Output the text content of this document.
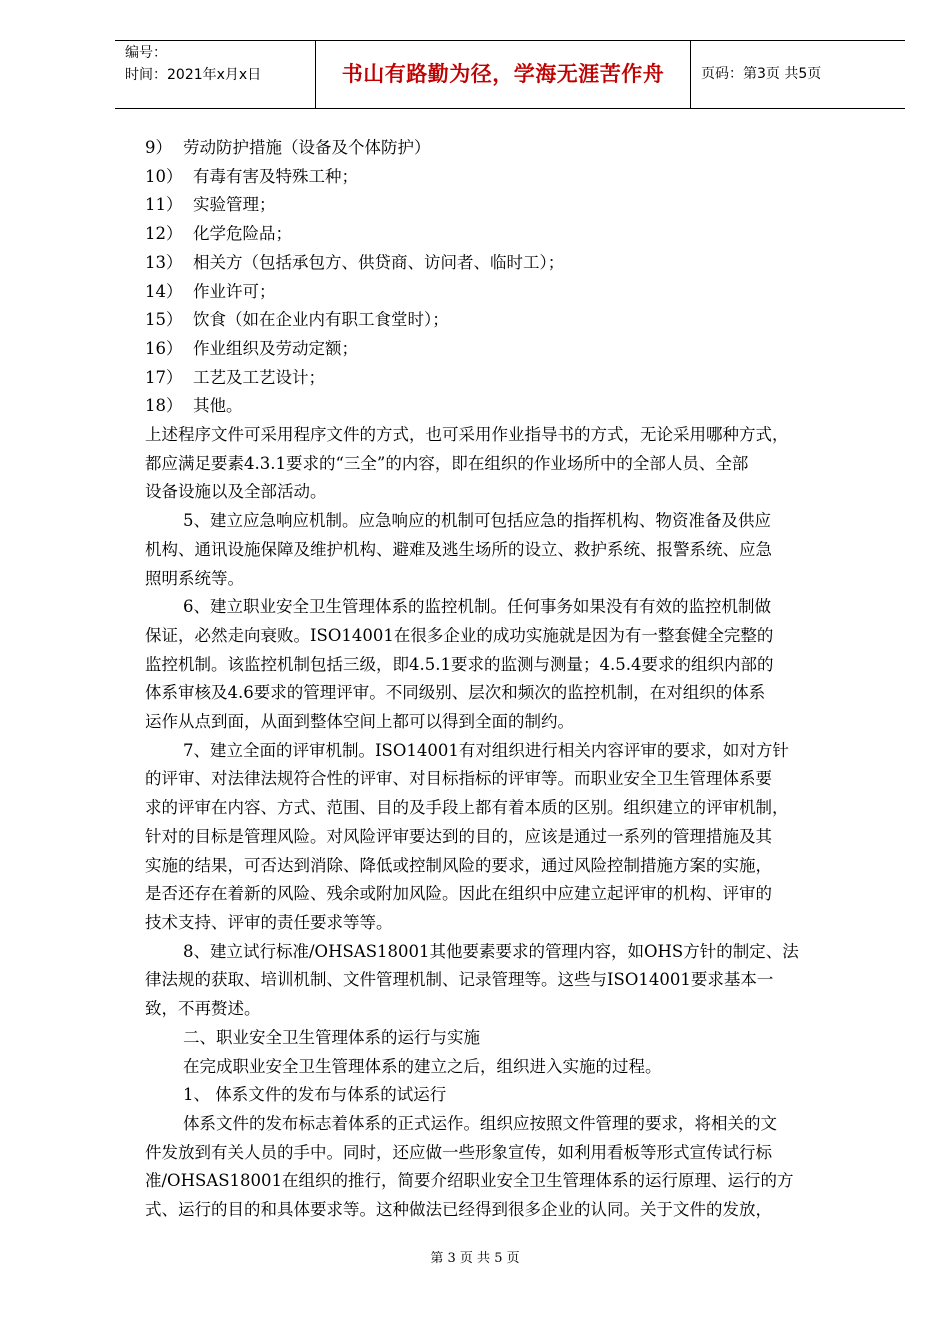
编号：
时间：2021年x月x日	书山有路勤为径，学海无涯苦作舟	页码：第3页 共5页

9） 劳动防护措施（设备及个体防护）

10） 有毒有害及特殊工种；

11） 实验管理；

12） 化学危险品；

13） 相关方（包括承包方、供贷商、访问者、临时工）；

14） 作业许可；

15） 饮食（如在企业内有职工食堂时）；

16） 作业组织及劳动定额；

17） 工艺及工艺设计；

18） 其他。

上述程序文件可采用程序文件的方式，也可采用作业指导书的方式，无论采用哪种方式，

都应满足要素4.3.1要求的“三全”的内容，即在组织的作业场所中的全部人员、全部

设备设施以及全部活动。

5、建立应急响应机制。应急响应的机制可包括应急的指挥机构、物资准备及供应

机构、通讯设施保障及维护机构、避难及逃生场所的设立、救护系统、报警系统、应急

照明系统等。

6、建立职业安全卫生管理体系的监控机制。任何事务如果没有有效的监控机制做

保证，必然走向衰败。ISO14001在很多企业的成功实施就是因为有一整套健全完整的

监控机制。该监控机制包括三级，即4.5.1要求的监测与测量；4.5.4要求的组织内部的

体系审核及4.6要求的管理评审。不同级别、层次和频次的监控机制，在对组织的体系

运作从点到面，从面到整体空间上都可以得到全面的制约。

7、建立全面的评审机制。ISO14001有对组织进行相关内容评审的要求，如对方针

的评审、对法律法规符合性的评审、对目标指标的评审等。而职业安全卫生管理体系要

求的评审在内容、方式、范围、目的及手段上都有着本质的区别。组织建立的评审机制，

针对的目标是管理风险。对风险评审要达到的目的，应该是通过一系列的管理措施及其

实施的结果，可否达到消除、降低或控制风险的要求，通过风险控制措施方案的实施，

是否还存在着新的风险、残余或附加风险。因此在组织中应建立起评审的机构、评审的

技术支持、评审的责任要求等等。

8、建立试行标准/OHSAS18001其他要素要求的管理内容，如OHS方针的制定、法

律法规的获取、培训机制、文件管理机制、记录管理等。这些与ISO14001要求基本一

致，不再赘述。

二、职业安全卫生管理体系的运行与实施

在完成职业安全卫生管理体系的建立之后，组织进入实施的过程。

1、 体系文件的发布与体系的试运行

体系文件的发布标志着体系的正式运作。组织应按照文件管理的要求，将相关的文

件发放到有关人员的手中。同时，还应做一些形象宣传，如利用看板等形式宣传试行标

准/OHSAS18001在组织的推行，简要介绍职业安全卫生管理体系的运行原理、运行的方

式、运行的目的和具体要求等。这种做法已经得到很多企业的认同。关于文件的发放，

第 3 页 共 5 页
